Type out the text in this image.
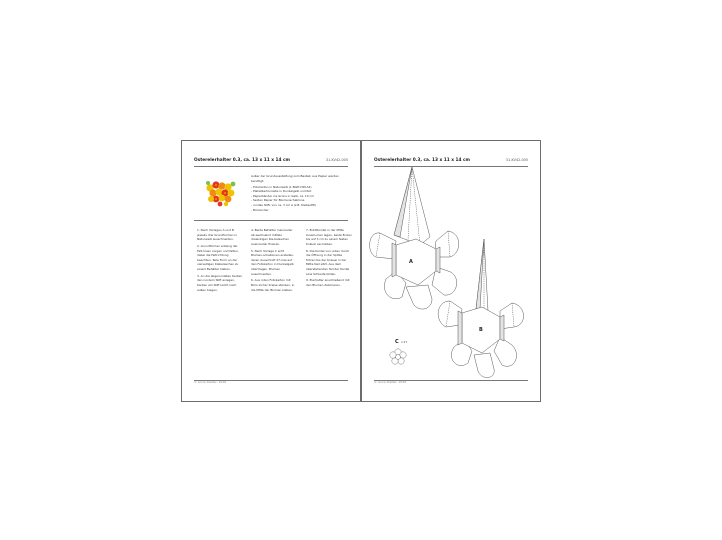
Osterelerhalter 0.3, ca. 13 x 11 x 14 cm	31-KV42-005
Außer der Grundausstattung zum Basteln aus Papier werden benötigt:
- Fotokarton in Naturweiß (1 Blatt DIN A4)
- Plakatkartonreste in Dunkelgelb und Rot
- Papierbänder ins Grüns in Gelb, ca. 10 cm
- Seiden Papier für Blumenschablone
- rundes Stift, von ca. 3 cm ø (z.B. Klebestift)
- Bürolocher

1. Nach Vorlagen A und B jeweils drei Grundformen in Naturweiß ausschneiden.

2. Grundformen entlang der Falt-linien vorgen und falten, dabei die Faltrichtung beachten. Teile Form an der vierseitigen Klebelaschen zu einem Behälter kleben.

3. An die abgerundeten Kanten den rundem Stift anlegen, Kanten am Stift leicht nach außen biegen.

4. Beide Behälter ineinander ab-wechselnd mittels dreieckigen Kle-belaschen aneinander fixieren.

5. Nach Vorlage C acht Blumen-schablonen erstellen, deren Ausschnitt 27-mal auf den Fotokarton in Dunkelgelb übertragen. Blumen ausschneiden.

6. Aus roten Fotokarton mit Büro-locher Kreise stanzen, in die Mitte der Blumen kleben.

7. Eiddtbordel in der Mitte zusam-men legen, beide Enden bis auf 3 cm zu einem festen Knäuel ver-kleben.

8. Die Kordel von unten durch die Öffnung in der Spitze führen bis der Knäuel in der Mitte fest sitzt. Aus dem überstehenden Teil der Kordel eine Schlaufe bilden.

9. Eierhalter anschließend mit den Blumen dekorieren.

© Anna Dietler, 2016
Osterelerhalter 0.3, ca. 13 x 11 x 14 cm	31-KV42-005
A
B
C x 27
© Anna Dietler, 2016
